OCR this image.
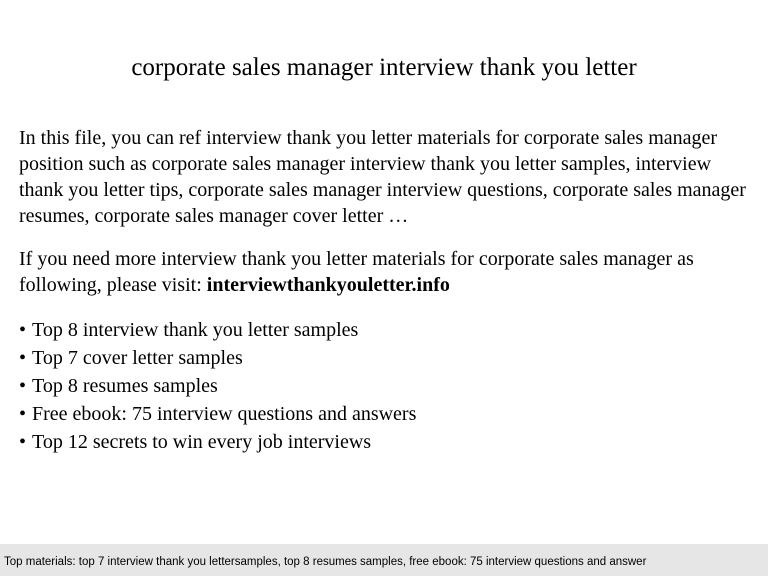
corporate sales manager interview thank you letter

In this file, you can ref interview thank you letter materials for corporate sales manager position such as corporate sales manager interview thank you letter samples, interview thank you letter tips, corporate sales manager interview questions, corporate sales manager resumes, corporate sales manager cover letter …

If you need more interview thank you letter materials for corporate sales manager as following, please visit: interviewthankyouletter.info

• Top 8 interview thank you letter samples
• Top 7 cover letter samples
• Top 8 resumes samples
• Free ebook: 75 interview questions and answers
• Top 12 secrets to win every job interviews
Top materials: top 7 interview thank you lettersamples, top 8 resumes samples, free ebook: 75 interview questions and answer
